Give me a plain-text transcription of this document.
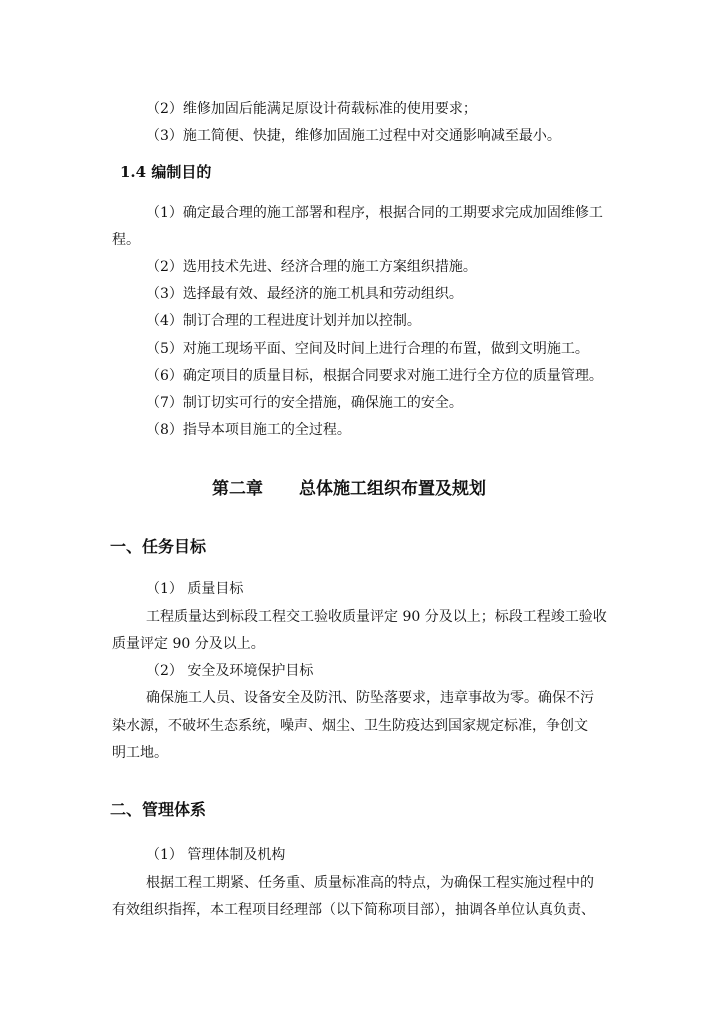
（2）维修加固后能满足原设计荷载标准的使用要求；
（3）施工简便、快捷，维修加固施工过程中对交通影响减至最小。
1.4 编制目的
（1）确定最合理的施工部署和程序，根据合同的工期要求完成加固维修工
程。
（2）选用技术先进、经济合理的施工方案组织措施。
（3）选择最有效、最经济的施工机具和劳动组织。
（4）制订合理的工程进度计划并加以控制。
（5）对施工现场平面、空间及时间上进行合理的布置，做到文明施工。
（6）确定项目的质量目标，根据合同要求对施工进行全方位的质量管理。
（7）制订切实可行的安全措施，确保施工的安全。
（8）指导本项目施工的全过程。
第二章 总体施工组织布置及规划
一、任务目标
（1） 质量目标
工程质量达到标段工程交工验收质量评定 90 分及以上；标段工程竣工验收
质量评定 90 分及以上。
（2） 安全及环境保护目标
确保施工人员、设备安全及防汛、防坠落要求，违章事故为零。确保不污
染水源，不破坏生态系统，噪声、烟尘、卫生防疫达到国家规定标准，争创文
明工地。
二、管理体系
（1） 管理体制及机构
根据工程工期紧、任务重、质量标准高的特点，为确保工程实施过程中的
有效组织指挥，本工程项目经理部（以下简称项目部），抽调各单位认真负责、
